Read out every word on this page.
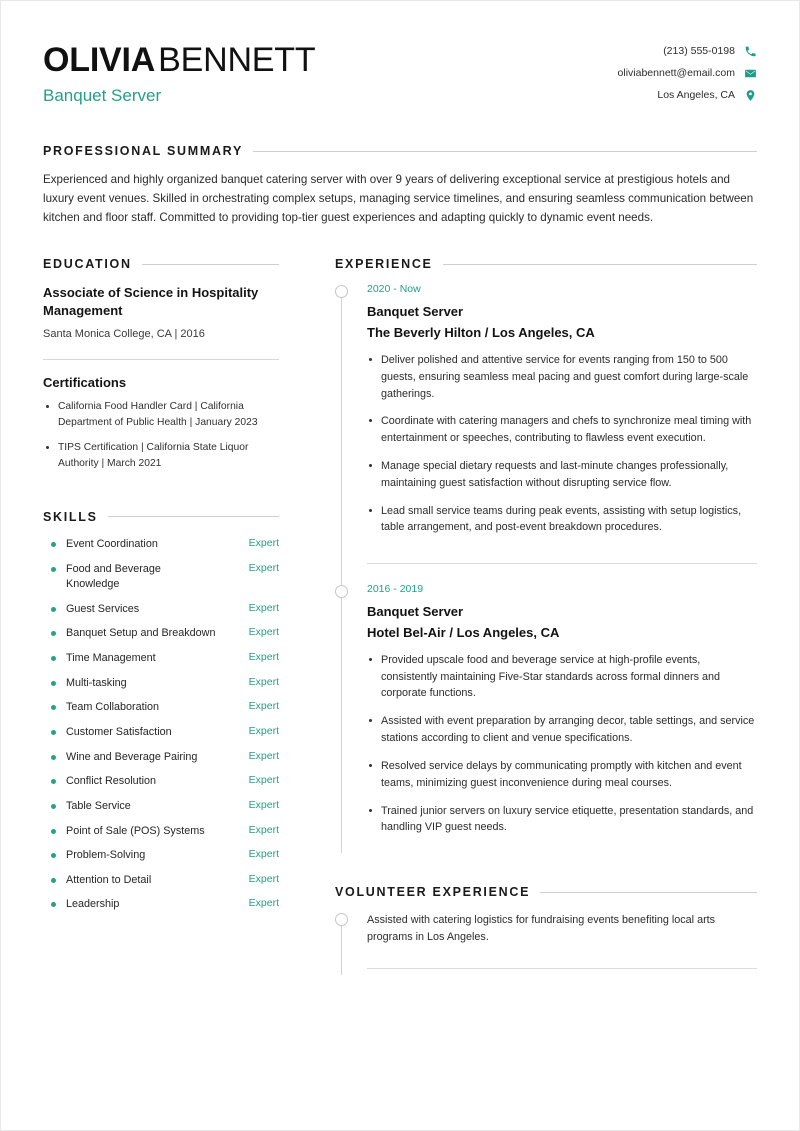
OLIVIABENNETT
Banquet Server
(213) 555-0198
oliviabennett@email.com
Los Angeles, CA
PROFESSIONAL SUMMARY
Experienced and highly organized banquet catering server with over 9 years of delivering exceptional service at prestigious hotels and luxury event venues. Skilled in orchestrating complex setups, managing service timelines, and ensuring seamless communication between kitchen and floor staff. Committed to providing top-tier guest experiences and adapting quickly to dynamic event needs.
EDUCATION
Associate of Science in Hospitality Management
Santa Monica College, CA | 2016
Certifications
California Food Handler Card | California Department of Public Health | January 2023
TIPS Certification | California State Liquor Authority | March 2021
SKILLS
Event Coordination	Expert
Food and Beverage Knowledge
Expert
Guest Services	Expert
Banquet Setup and Breakdown	Expert
Time Management	Expert
Multi-tasking	Expert
Team Collaboration	Expert
Customer Satisfaction	Expert
Wine and Beverage Pairing	Expert
Conflict Resolution	Expert
Table Service	Expert
Point of Sale (POS) Systems	Expert
Problem-Solving	Expert
Attention to Detail	Expert
Leadership	Expert
EXPERIENCE
2020 - Now
Banquet Server
The Beverly Hilton / Los Angeles, CA
Deliver polished and attentive service for events ranging from 150 to 500 guests, ensuring seamless meal pacing and guest comfort during large-scale gatherings.
Coordinate with catering managers and chefs to synchronize meal timing with entertainment or speeches, contributing to flawless event execution.
Manage special dietary requests and last-minute changes professionally, maintaining guest satisfaction without disrupting service flow.
Lead small service teams during peak events, assisting with setup logistics, table arrangement, and post-event breakdown procedures.
2016 - 2019
Banquet Server
Hotel Bel-Air / Los Angeles, CA
Provided upscale food and beverage service at high-profile events, consistently maintaining Five-Star standards across formal dinners and corporate functions.
Assisted with event preparation by arranging decor, table settings, and service stations according to client and venue specifications.
Resolved service delays by communicating promptly with kitchen and event teams, minimizing guest inconvenience during meal courses.
Trained junior servers on luxury service etiquette, presentation standards, and handling VIP guest needs.
VOLUNTEER EXPERIENCE
Assisted with catering logistics for fundraising events benefiting local arts programs in Los Angeles.
